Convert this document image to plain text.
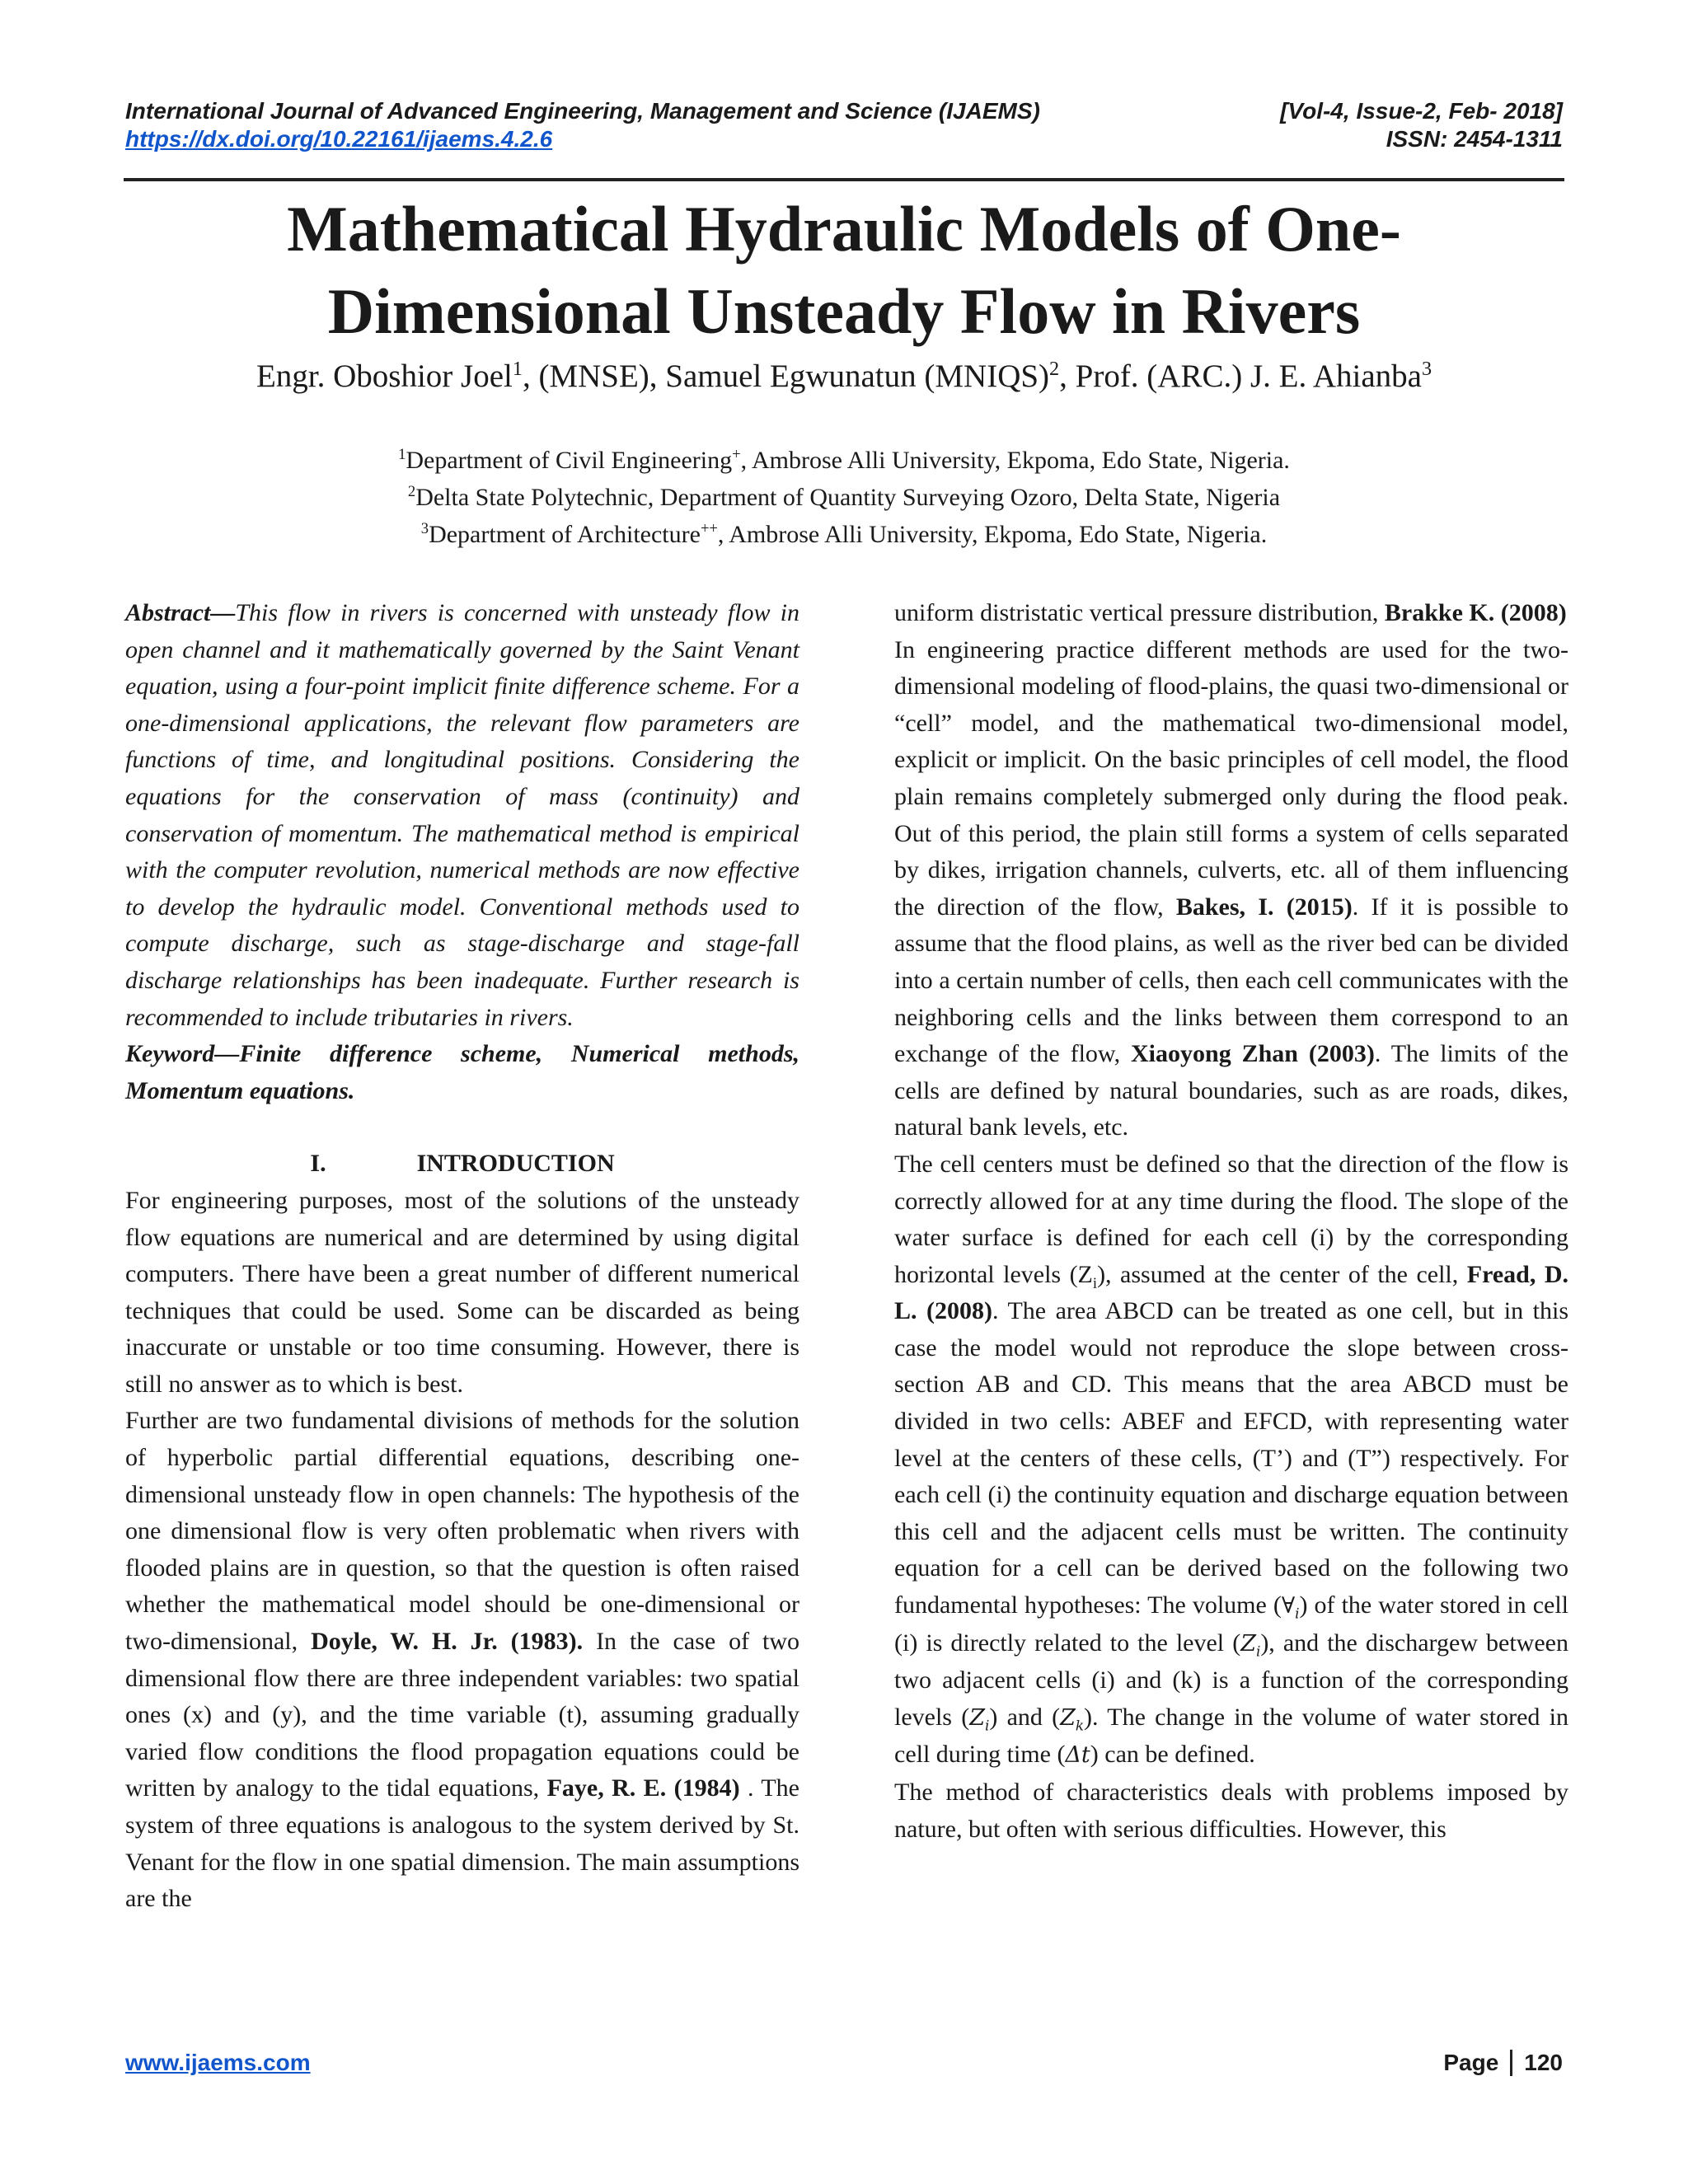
International Journal of Advanced Engineering, Management and Science (IJAEMS)	[Vol-4, Issue-2, Feb- 2018]
https://dx.doi.org/10.22161/ijaems.4.2.6	ISSN: 2454-1311
Mathematical Hydraulic Models of One-
Dimensional Unsteady Flow in Rivers
Engr. Oboshior Joel$^1$, (MNSE), Samuel Egwunatun (MNIQS)$^2$, Prof. (ARC.) J. E. Ahianba$^3$
$^1$Department of Civil Engineering+, Ambrose Alli University, Ekpoma, Edo State, Nigeria.
$^2$Delta State Polytechnic, Department of Quantity Surveying Ozoro, Delta State, Nigeria
$^3$Department of Architecture++, Ambrose Alli University, Ekpoma, Edo State, Nigeria.

Abstract—This flow in rivers is concerned with unsteady flow in open channel and it mathematically governed by the Saint Venant equation, using a four-point implicit finite difference scheme. For a one-dimensional applications, the relevant flow parameters are functions of time, and longitudinal positions. Considering the equations for the conservation of mass (continuity) and conservation of momentum. The mathematical method is empirical with the computer revolution, numerical methods are now effective to develop the hydraulic model. Conventional methods used to compute discharge, such as stage-discharge and stage-fall discharge relationships has been inadequate. Further research is recommended to include tributaries in rivers.

Keyword—Finite difference scheme, Numerical methods, Momentum equations.

I.	INTRODUCTION

For engineering purposes, most of the solutions of the unsteady flow equations are numerical and are determined by using digital computers. There have been a great number of different numerical techniques that could be used. Some can be discarded as being inaccurate or unstable or too time consuming. However, there is still no answer as to which is best.

Further are two fundamental divisions of methods for the solution of hyperbolic partial differential equations, describing one-dimensional unsteady flow in open channels: The hypothesis of the one dimensional flow is very often problematic when rivers with flooded plains are in question, so that the question is often raised whether the mathematical model should be one-dimensional or two-dimensional, Doyle, W. H. Jr. (1983). In the case of two dimensional flow there are three independent variables: two spatial ones (x) and (y), and the time variable (t), assuming gradually varied flow conditions the flood propagation equations could be written by analogy to the tidal equations, Faye, R. E. (1984) . The system of three equations is analogous to the system derived by St. Venant for the flow in one spatial dimension. The main assumptions are the

uniform distristatic vertical pressure distribution, Brakke K. (2008)

In engineering practice different methods are used for the two-dimensional modeling of flood-plains, the quasi two-dimensional or “cell” model, and the mathematical two-dimensional model, explicit or implicit. On the basic principles of cell model, the flood plain remains completely submerged only during the flood peak. Out of this period, the plain still forms a system of cells separated by dikes, irrigation channels, culverts, etc. all of them influencing the direction of the flow, Bakes, I. (2015). If it is possible to assume that the flood plains, as well as the river bed can be divided into a certain number of cells, then each cell communicates with the neighboring cells and the links between them correspond to an exchange of the flow, Xiaoyong Zhan (2003). The limits of the cells are defined by natural boundaries, such as are roads, dikes, natural bank levels, etc.

The cell centers must be defined so that the direction of the flow is correctly allowed for at any time during the flood. The slope of the water surface is defined for each cell (i) by the corresponding horizontal levels $(Z_i)$, assumed at the center of the cell, Fread, D. L. (2008). The area ABCD can be treated as one cell, but in this case the model would not reproduce the slope between cross-section AB and CD. This means that the area ABCD must be divided in two cells: ABEF and EFCD, with representing water level at the centers of these cells, (T’) and (T”) respectively. For each cell (i) the continuity equation and discharge equation between this cell and the adjacent cells must be written. The continuity equation for a cell can be derived based on the following two fundamental hypotheses: The volume $(\forall_i)$ of the water stored in cell (i) is directly related to the level $(Z_i)$, and the dischargew between two adjacent cells (i) and (k) is a function of the corresponding levels $(Z_i)$ and $(Z_k)$. The change in the volume of water stored in cell during time (Δt) can be defined.

The method of characteristics deals with problems imposed by nature, but often with serious difficulties. However, this

www.ijaems.com	Page 120
